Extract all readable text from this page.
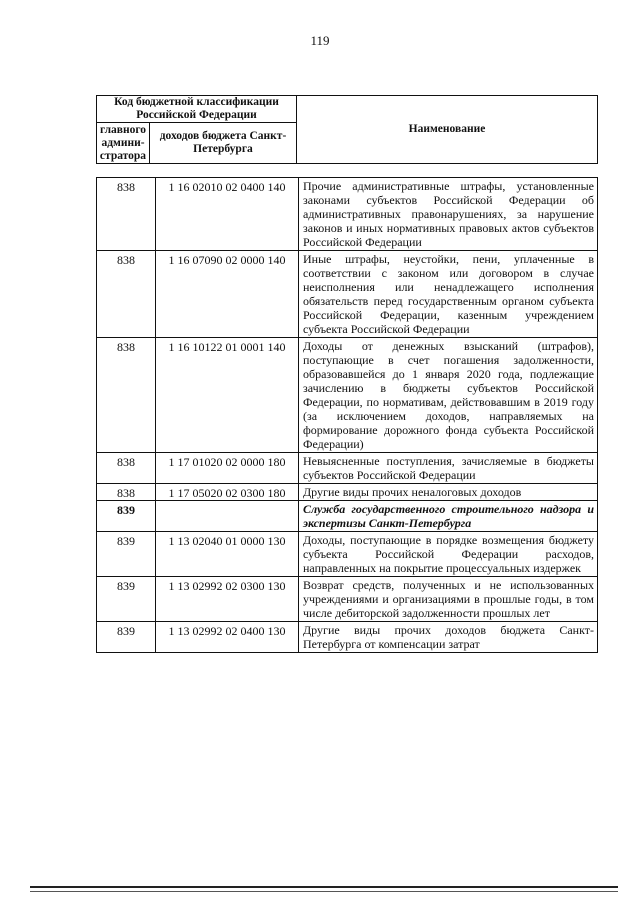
119
Код бюджетной классификации Российской Федерации		Наименование
главного админи-стратора	доходов бюджета Санкт-Петербурга	
838	1 16 02010 02 0400 140	Прочие административные штрафы, установленные законами субъектов Российской Федерации об административных правонарушениях, за нарушение законов и иных нормативных правовых актов субъектов Российской Федерации
838	1 16 07090 02 0000 140	Иные штрафы, неустойки, пени, уплаченные в соответствии с законом или договором в случае неисполнения или ненадлежащего исполнения обязательств перед государственным органом субъекта Российской Федерации, казенным учреждением субъекта Российской Федерации
838	1 16 10122 01 0001 140	Доходы от денежных взысканий (штрафов), поступающие в счет погашения задолженности, образовавшейся до 1 января 2020 года, подлежащие зачислению в бюджеты субъектов Российской Федерации, по нормативам, действовавшим в 2019 году (за исключением доходов, направляемых на формирование дорожного фонда субъекта Российской Федерации)
838	1 17 01020 02 0000 180	Невыясненные поступления, зачисляемые в бюджеты субъектов Российской Федерации
838	1 17 05020 02 0300 180	Другие виды прочих неналоговых доходов
839		Служба государственного строительного надзора и экспертизы Санкт-Петербурга
839	1 13 02040 01 0000 130	Доходы, поступающие в порядке возмещения бюджету субъекта Российской Федерации расходов, направленных на покрытие процессуальных издержек
839	1 13 02992 02 0300 130	Возврат средств, полученных и не использованных учреждениями и организациями в прошлые годы, в том числе дебиторской задолженности прошлых лет
839	1 13 02992 02 0400 130	Другие виды прочих доходов бюджета Санкт-Петербурга от компенсации затрат
